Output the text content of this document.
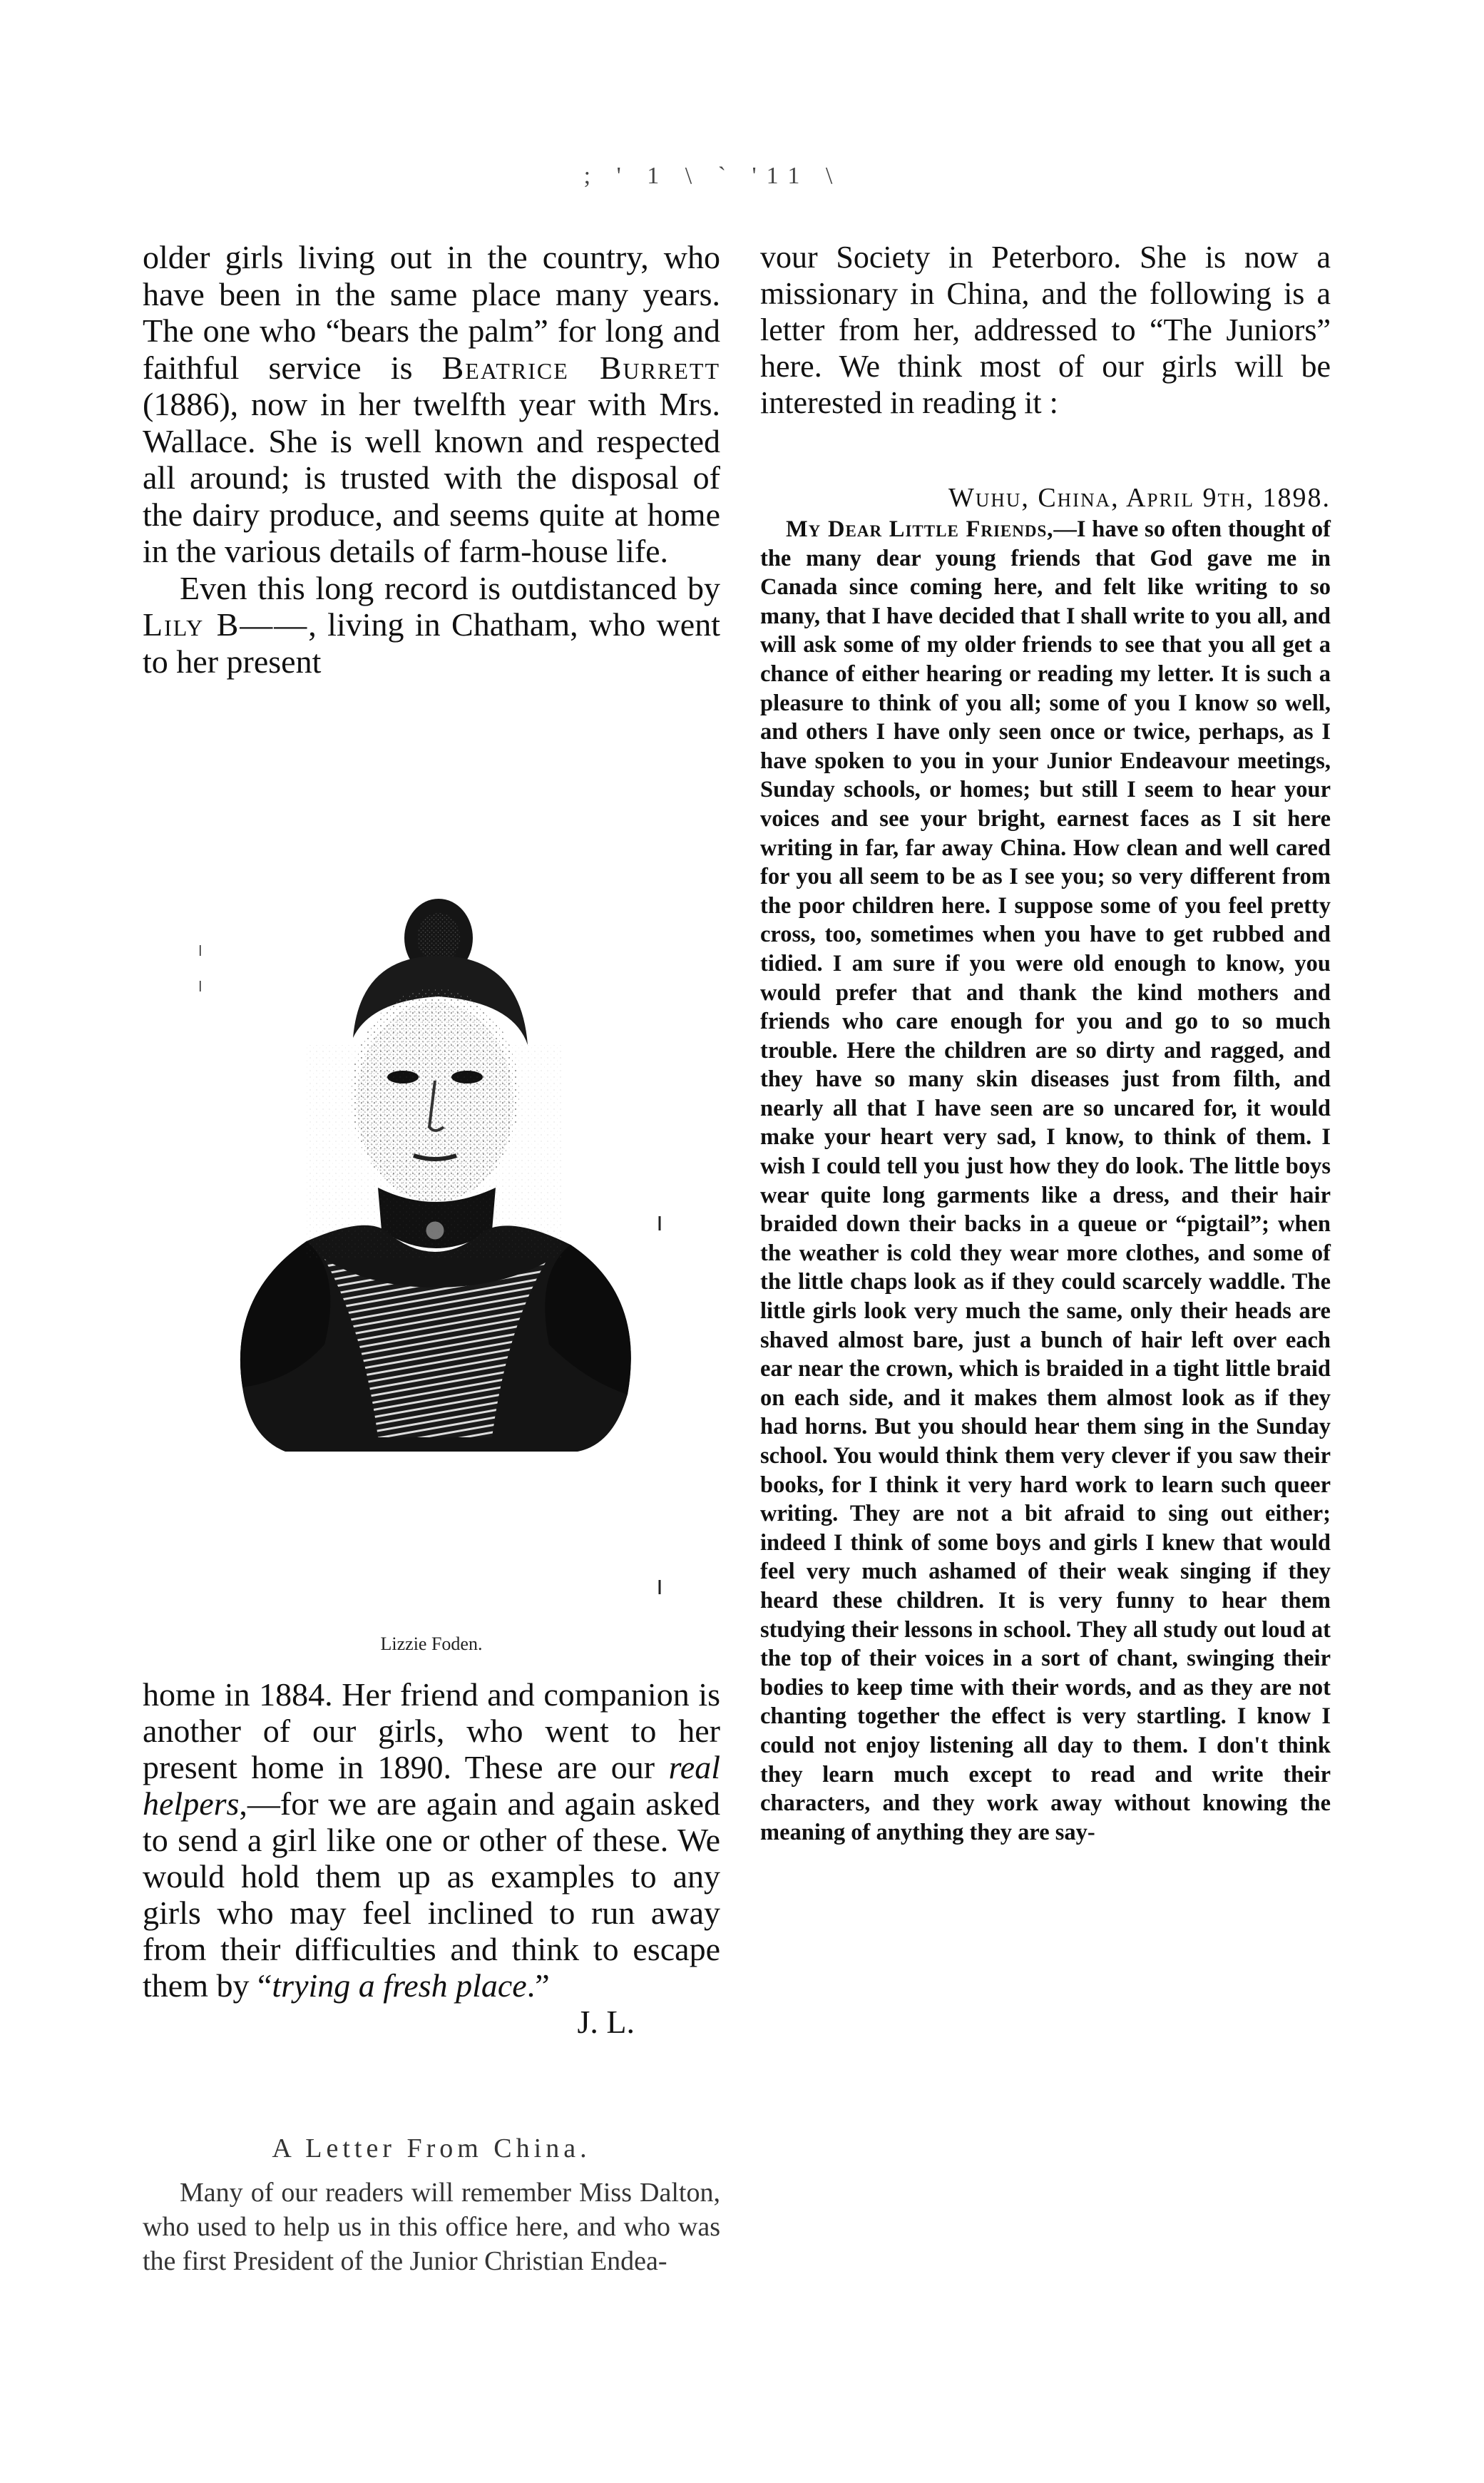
; ' 1 \ ` '11 \

older girls living out in the country, who have been in the same place many years. The one who “bears the palm” for long and faithful service is Beatrice Burrett (1886), now in her twelfth year with Mrs. Wallace. She is well known and respected all around; is trusted with the disposal of the dairy produce, and seems quite at home in the various details of farm-house life.

Even this long record is outdistanced by Lily B——, living in Chatham, who went to her present

Lizzie Foden.

home in 1884. Her friend and companion is another of our girls, who went to her present home in 1890. These are our real helpers,—for we are again and again asked to send a girl like one or other of these. We would hold them up as examples to any girls who may feel inclined to run away from their difficulties and think to escape them by “trying a fresh place.”

J. L.
A Letter From China.

Many of our readers will remember Miss Dalton, who used to help us in this office here, and who was the first President of the Junior Christian Endea-

vour Society in Peterboro. She is now a missionary in China, and the following is a letter from her, addressed to “The Juniors” here. We think most of our girls will be interested in reading it :

Wuhu, China, April 9th, 1898.

My Dear Little Friends,—I have so often thought of the many dear young friends that God gave me in Canada since coming here, and felt like writing to so many, that I have decided that I shall write to you all, and will ask some of my older friends to see that you all get a chance of either hearing or reading my letter. It is such a pleasure to think of you all; some of you I know so well, and others I have only seen once or twice, perhaps, as I have spoken to you in your Junior Endeavour meetings, Sunday schools, or homes; but still I seem to hear your voices and see your bright, earnest faces as I sit here writing in far, far away China. How clean and well cared for you all seem to be as I see you; so very different from the poor children here. I suppose some of you feel pretty cross, too, sometimes when you have to get rubbed and tidied. I am sure if you were old enough to know, you would prefer that and thank the kind mothers and friends who care enough for you and go to so much trouble. Here the children are so dirty and ragged, and they have so many skin diseases just from filth, and nearly all that I have seen are so uncared for, it would make your heart very sad, I know, to think of them. I wish I could tell you just how they do look. The little boys wear quite long garments like a dress, and their hair braided down their backs in a queue or “pigtail”; when the weather is cold they wear more clothes, and some of the little chaps look as if they could scarcely waddle. The little girls look very much the same, only their heads are shaved almost bare, just a bunch of hair left over each ear near the crown, which is braided in a tight little braid on each side, and it makes them almost look as if they had horns. But you should hear them sing in the Sunday school. You would think them very clever if you saw their books, for I think it very hard work to learn such queer writing. They are not a bit afraid to sing out either; indeed I think of some boys and girls I knew that would feel very much ashamed of their weak singing if they heard these children. It is very funny to hear them studying their lessons in school. They all study out loud at the top of their voices in a sort of chant, swinging their bodies to keep time with their words, and as they are not chanting together the effect is very startling. I know I could not enjoy listening all day to them. I don't think they learn much except to read and write their characters, and they work away without knowing the meaning of anything they are say-
